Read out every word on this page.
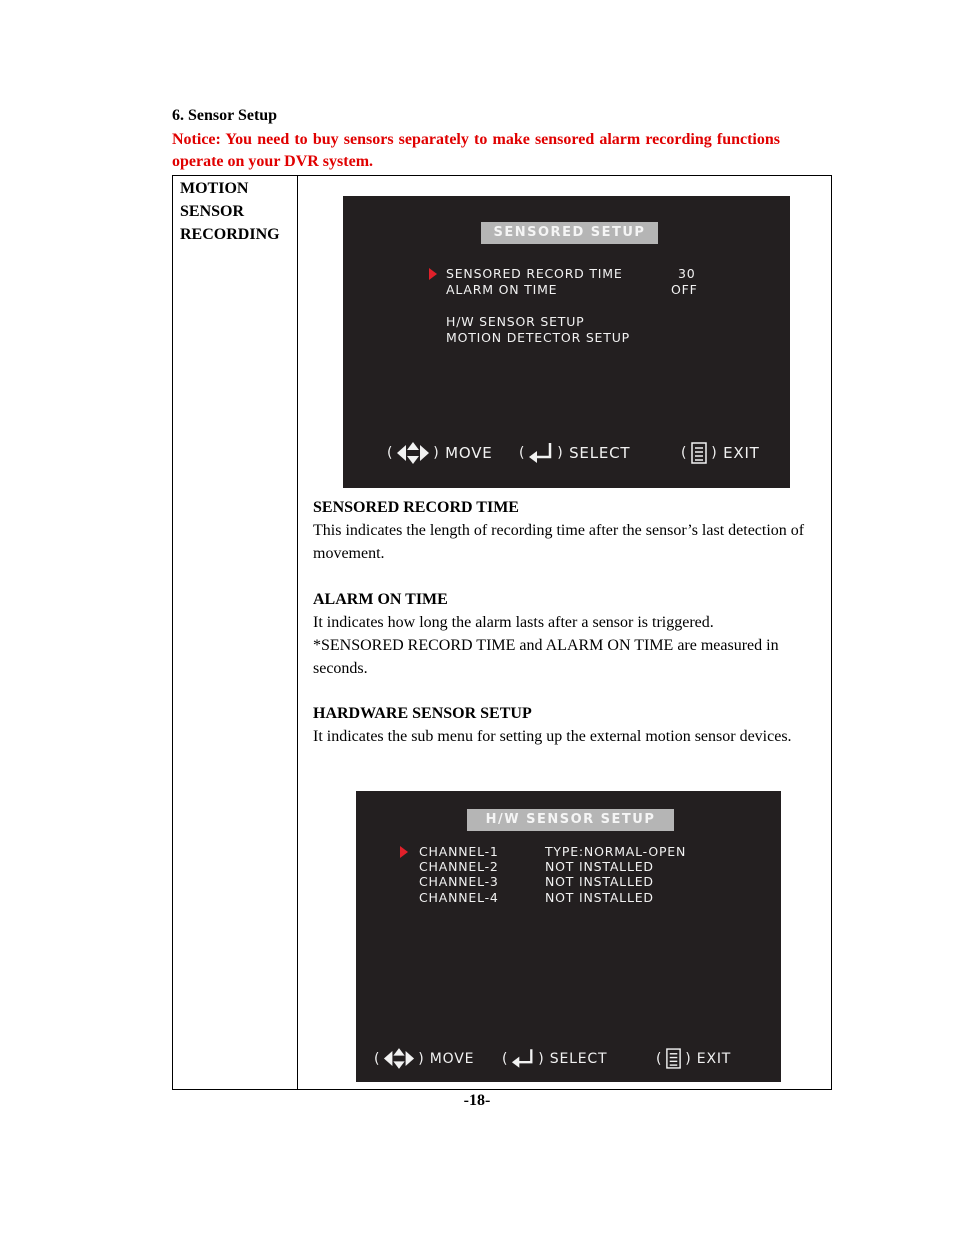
6. Sensor Setup
Notice: You need to buy sensors separately to make sensored alarm recording functions operate on your DVR system.
MOTION
SENSOR
RECORDING	SENSORED SETUP
SENSORED RECORD TIME	30
ALARM ON TIME	OFF
H/W SENSOR SETUP
MOTION DETECTOR SETUP
(	)
MOVE ( )
SELECT	( )
EXIT
SENSORED RECORD TIME
This indicates the length of recording time after the sensor’s last detection of movement.
ALARM ON TIME
It indicates how long the alarm lasts after a sensor is triggered.
*SENSORED RECORD TIME and ALARM ON TIME are measured in seconds.
HARDWARE SENSOR SETUP
It indicates the sub menu for setting up the external motion sensor devices.
H/W SENSOR SETUP
CHANNEL-1	TYPE:NORMAL-OPEN
CHANNEL-2	NOT INSTALLED
CHANNEL-3	NOT INSTALLED
CHANNEL-4	NOT INSTALLED
(	)
MOVE ( )
SELECT	( )
EXIT
-18-
